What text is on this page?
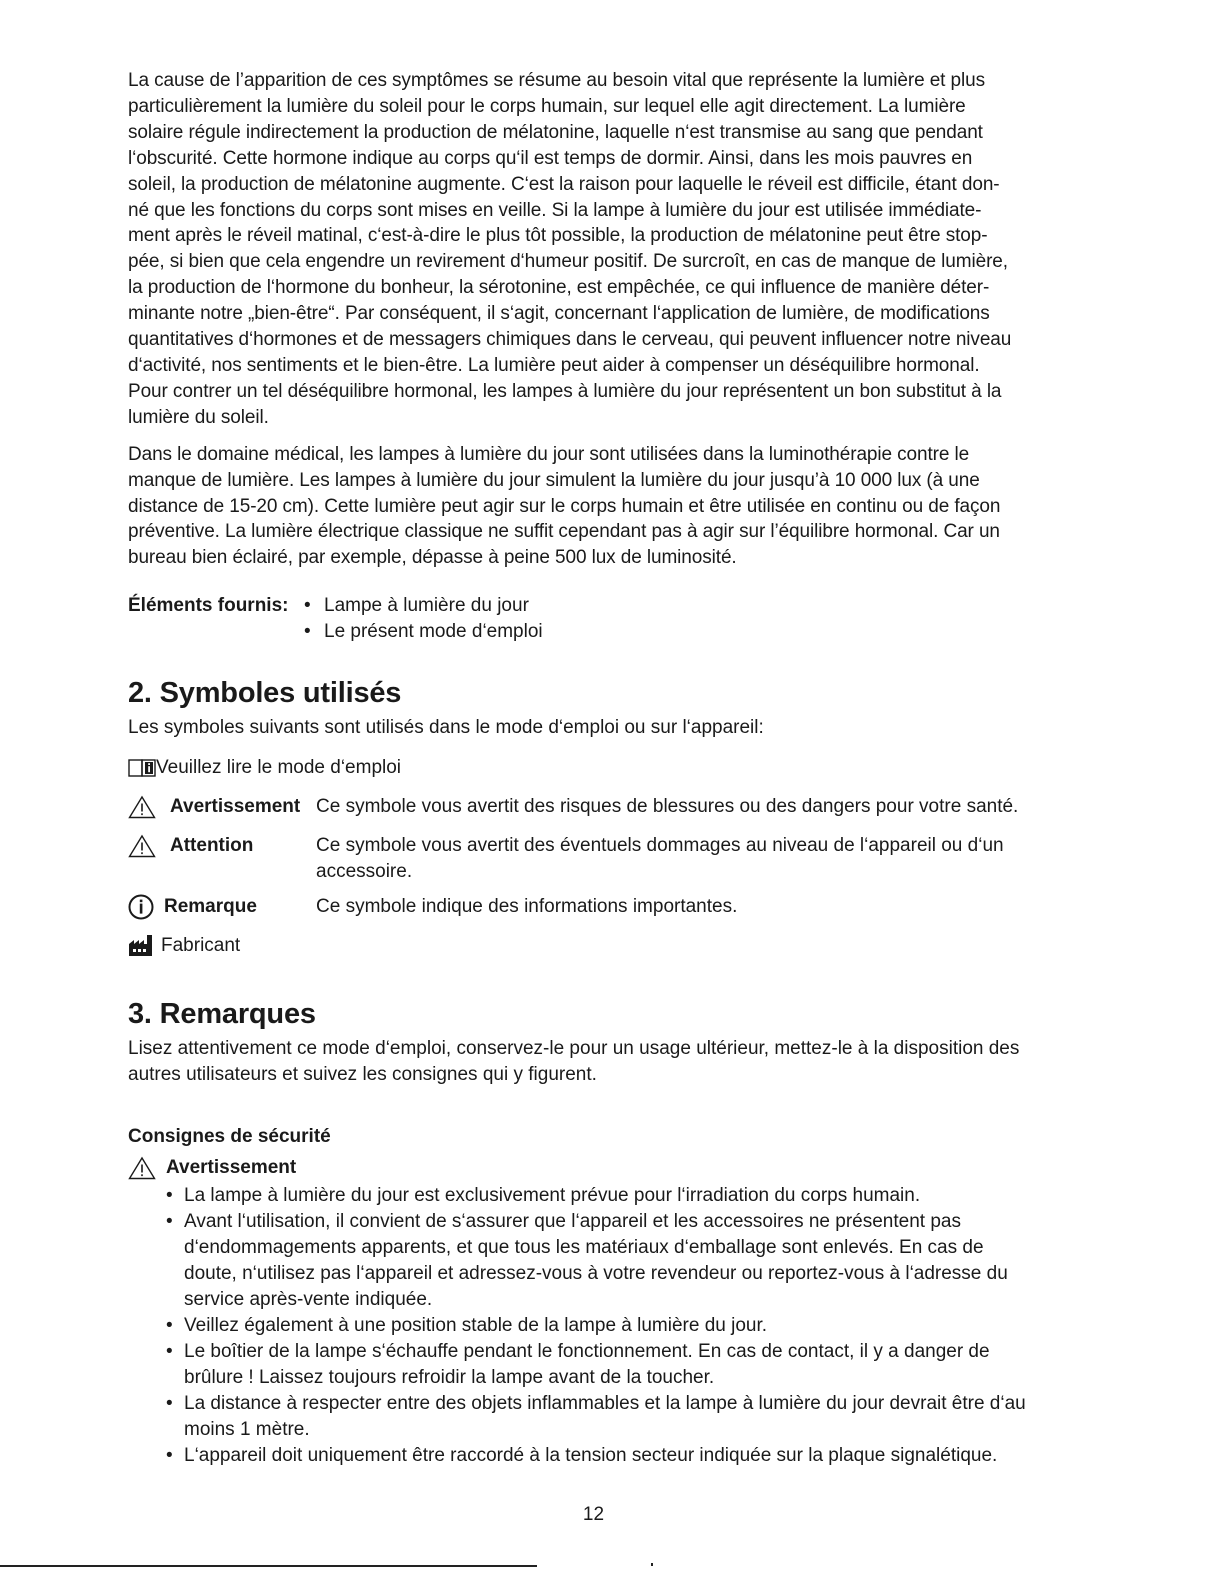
La cause de l’apparition de ces symptômes se résume au besoin vital que représente la lumière et plus
particulièrement la lumière du soleil pour le corps humain, sur lequel elle agit directement. La lumière
solaire régule indirectement la production de mélatonine, laquelle n‘est transmise au sang que pendant
l‘obscurité. Cette hormone indique au corps qu‘il est temps de dormir. Ainsi, dans les mois pauvres en
soleil, la production de mélatonine augmente. C‘est la raison pour laquelle le réveil est difficile, étant don-
né que les fonctions du corps sont mises en veille. Si la lampe à lumière du jour est utilisée immédiate-
ment après le réveil matinal, c‘est-à-dire le plus tôt possible, la production de mélatonine peut être stop-
pée, si bien que cela engendre un revirement d‘humeur positif. De surcroît, en cas de manque de lumière,
la production de l‘hormone du bonheur, la sérotonine, est empêchée, ce qui influence de manière déter-
minante notre „bien-être“. Par conséquent, il s‘agit, concernant l‘application de lumière, de modifications
quantitatives d‘hormones et de messagers chimiques dans le cerveau, qui peuvent influencer notre niveau
d‘activité, nos sentiments et le bien-être. La lumière peut aider à compenser un déséquilibre hormonal.
Pour contrer un tel déséquilibre hormonal, les lampes à lumière du jour représentent un bon substitut à la
lumière du soleil.

Dans le domaine médical, les lampes à lumière du jour sont utilisées dans la luminothérapie contre le
manque de lumière. Les lampes à lumière du jour simulent la lumière du jour jusqu’à 10 000 lux (à une
distance de 15-20 cm). Cette lumière peut agir sur le corps humain et être utilisée en continu ou de façon
préventive. La lumière électrique classique ne suffit cependant pas à agir sur l’équilibre hormonal. Car un
bureau bien éclairé, par exemple, dépasse à peine 500 lux de luminosité.

Éléments fournis:
•	Lampe à lumière du jour
• Le présent mode d‘emploi
2. Symboles utilisés

Les symboles suivants sont utilisés dans le mode d‘emploi ou sur l‘appareil:

Veuillez lire le mode d‘emploi
Avertissement Ce symbole vous avertit des risques de blessures ou des dangers pour votre santé.
Attention	Ce symbole vous avertit des éventuels dommages au niveau de l‘appareil ou d‘un
accessoire.
Remarque	Ce symbole indique des informations importantes.
Fabricant
3. Remarques

Lisez attentivement ce mode d‘emploi, conservez-le pour un usage ultérieur, mettez-le à la disposition des
autres utilisateurs et suivez les consignes qui y figurent.

Consignes de sécurité
Avertissement
• La lampe à lumière du jour est exclusivement prévue pour l‘irradiation du corps humain.
• Avant l‘utilisation, il convient de s‘assurer que l‘appareil et les accessoires ne présentent pas
d‘endommagements apparents, et que tous les matériaux d‘emballage sont enlevés. En cas de
doute, n‘utilisez pas l‘appareil et adressez-vous à votre revendeur ou reportez-vous à l‘adresse du
service après-vente indiquée.
• Veillez également à une position stable de la lampe à lumière du jour.
• Le boîtier de la lampe s‘échauffe pendant le fonctionnement. En cas de contact, il y a danger de
brûlure ! Laissez toujours refroidir la lampe avant de la toucher.
• La distance à respecter entre des objets inflammables et la lampe à lumière du jour devrait être d‘au
moins 1 mètre.
• L‘appareil doit uniquement être raccordé à la tension secteur indiquée sur la plaque signalétique.
12
